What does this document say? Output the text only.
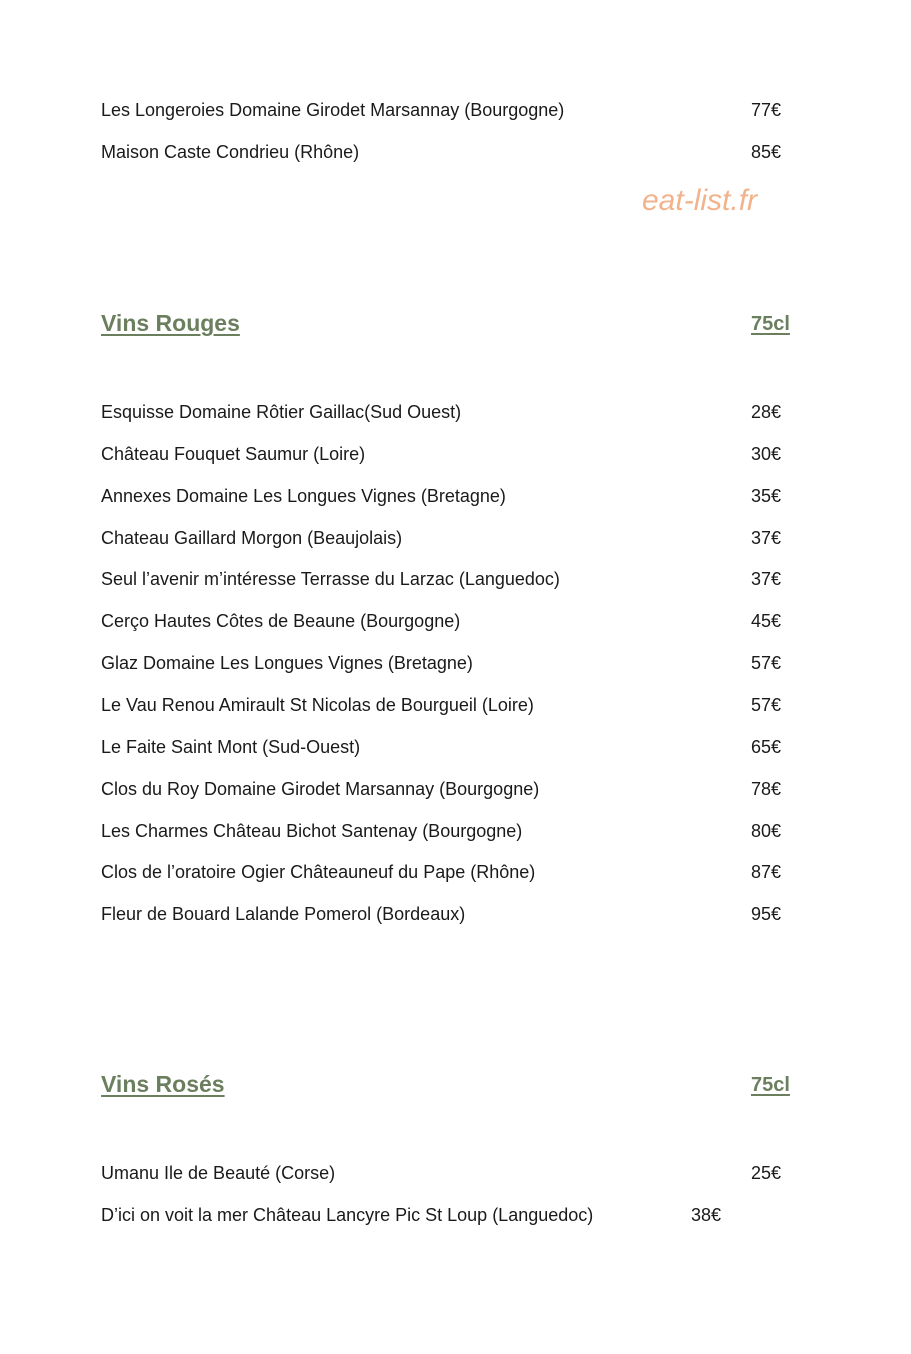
Les Longeroies Domaine Girodet Marsannay (Bourgogne)	77€
Maison Caste Condrieu (Rhône)	85€
eat-list.fr
Vins Rouges	75cl
Esquisse Domaine Rôtier Gaillac(Sud Ouest)	28€
Château Fouquet Saumur (Loire)	30€
Annexes Domaine Les Longues Vignes (Bretagne)	35€
Chateau Gaillard Morgon (Beaujolais)	37€
Seul l’avenir m’intéresse Terrasse du Larzac (Languedoc)	37€
Cerço Hautes Côtes de Beaune (Bourgogne)	45€
Glaz Domaine Les Longues Vignes (Bretagne)	57€
Le Vau Renou Amirault St Nicolas de Bourgueil (Loire)	57€
Le Faite Saint Mont (Sud-Ouest)	65€
Clos du Roy Domaine Girodet Marsannay (Bourgogne)	78€
Les Charmes Château Bichot Santenay (Bourgogne)	80€
Clos de l’oratoire Ogier Châteauneuf du Pape (Rhône)	87€
Fleur de Bouard Lalande Pomerol (Bordeaux)	95€
Vins Rosés	75cl
Umanu Ile de Beauté (Corse)	25€
D’ici on voit la mer Château Lancyre Pic St Loup (Languedoc)	38€
